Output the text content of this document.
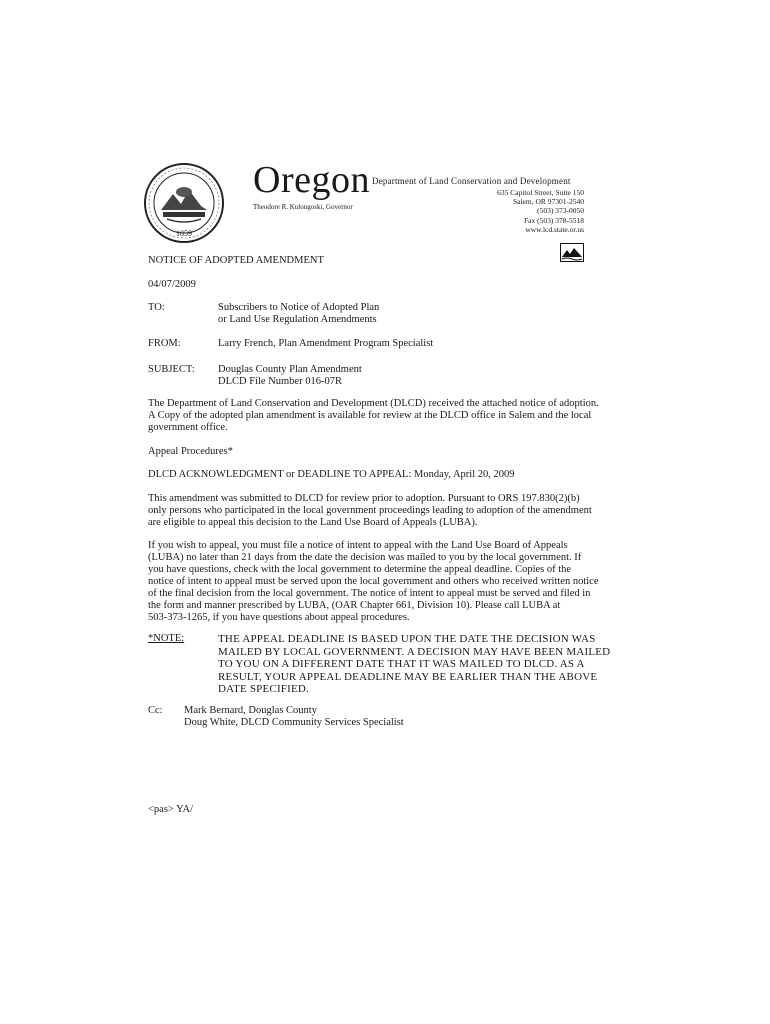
1859
Oregon
Theodore R. Kulongoski, Governor
Department of Land Conservation and Development
635 Capitol Street, Suite 150
Salem, OR 97301-2540
(503) 373-0050
Fax (503) 378-5518
www.lcd.state.or.us
NOTICE OF ADOPTED AMENDMENT
04/07/2009
TO:	Subscribers to Notice of Adopted Plan
or Land Use Regulation Amendments
FROM:	Larry French, Plan Amendment Program Specialist
SUBJECT: Douglas County Plan Amendment
DLCD File Number 016-07R
The Department of Land Conservation and Development (DLCD) received the attached notice of adoption.
A Copy of the adopted plan amendment is available for review at the DLCD office in Salem and the local
government office.
Appeal Procedures*
DLCD ACKNOWLEDGMENT or DEADLINE TO APPEAL: Monday, April 20, 2009
This amendment was submitted to DLCD for review prior to adoption. Pursuant to ORS 197.830(2)(b)
only persons who participated in the local government proceedings leading to adoption of the amendment
are eligible to appeal this decision to the Land Use Board of Appeals (LUBA).
If you wish to appeal, you must file a notice of intent to appeal with the Land Use Board of Appeals
(LUBA) no later than 21 days from the date the decision was mailed to you by the local government. If
you have questions, check with the local government to determine the appeal deadline. Copies of the
notice of intent to appeal must be served upon the local government and others who received written notice
of the final decision from the local government. The notice of intent to appeal must be served and filed in
the form and manner prescribed by LUBA, (OAR Chapter 661, Division 10). Please call LUBA at
503-373-1265, if you have questions about appeal procedures.
*NOTE:	THE APPEAL DEADLINE IS BASED UPON THE DATE THE DECISION WAS
MAILED BY LOCAL GOVERNMENT. A DECISION MAY HAVE BEEN MAILED
TO YOU ON A DIFFERENT DATE THAT IT WAS MAILED TO DLCD. AS A
RESULT, YOUR APPEAL DEADLINE MAY BE EARLIER THAN THE ABOVE
DATE SPECIFIED.
Cc: Mark Bernard, Douglas County
Doug White, DLCD Community Services Specialist
<pas> YA/
